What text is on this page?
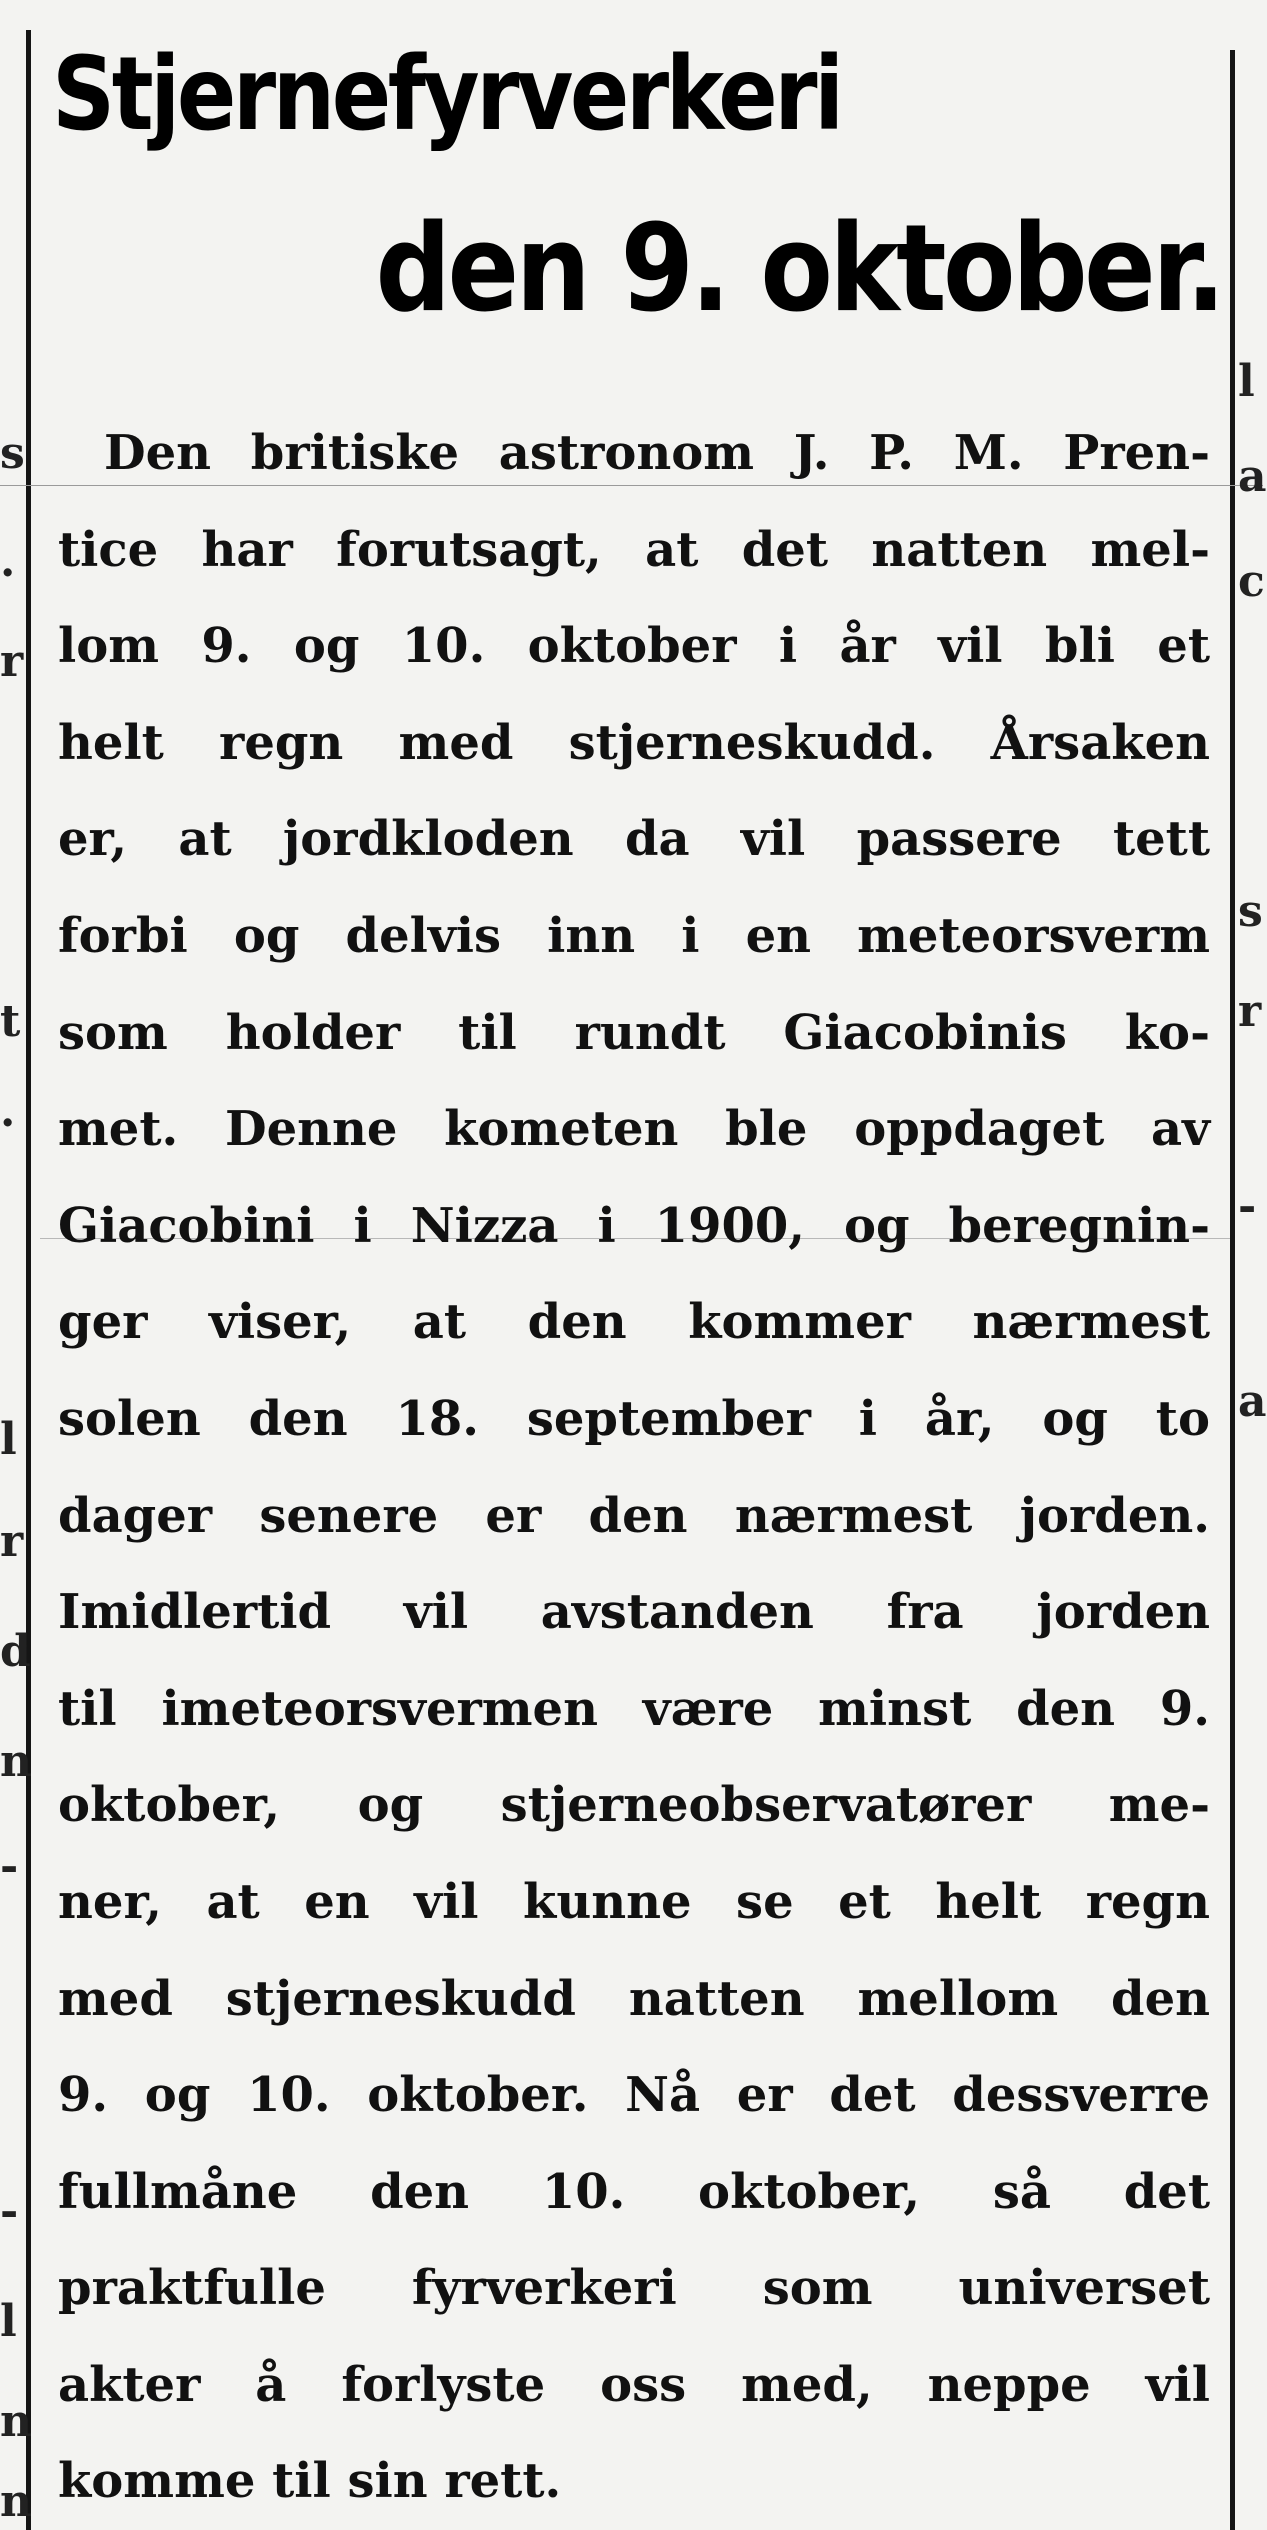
s
.
r
t
.
l
r
d
n
-
-
l
n
n
l
a
c
s
r
-
a
Stjernefyrverkeri
den 9. oktober.
Den britiske astronom J. P. M. Pren-
tice har forutsagt, at det natten mel-
lom 9. og 10. oktober i år vil bli et
helt regn med stjerneskudd. Årsaken
er, at jordkloden da vil passere tett
forbi og delvis inn i en meteorsverm
som holder til rundt Giacobinis ko-
met. Denne kometen ble oppdaget av
Giacobini i Nizza i 1900, og beregnin-
ger viser, at den kommer nærmest
solen den 18. september i år, og to
dager senere er den nærmest jorden.
Imidlertid vil avstanden fra jorden
til imeteorsvermen være minst den 9.
oktober, og stjerneobservatører me-
ner, at en vil kunne se et helt regn
med stjerneskudd natten mellom den
9. og 10. oktober. Nå er det dessverre
fullmåne den 10. oktober, så det
praktfulle fyrverkeri som universet
akter å forlyste oss med, neppe vil
komme til sin rett.
